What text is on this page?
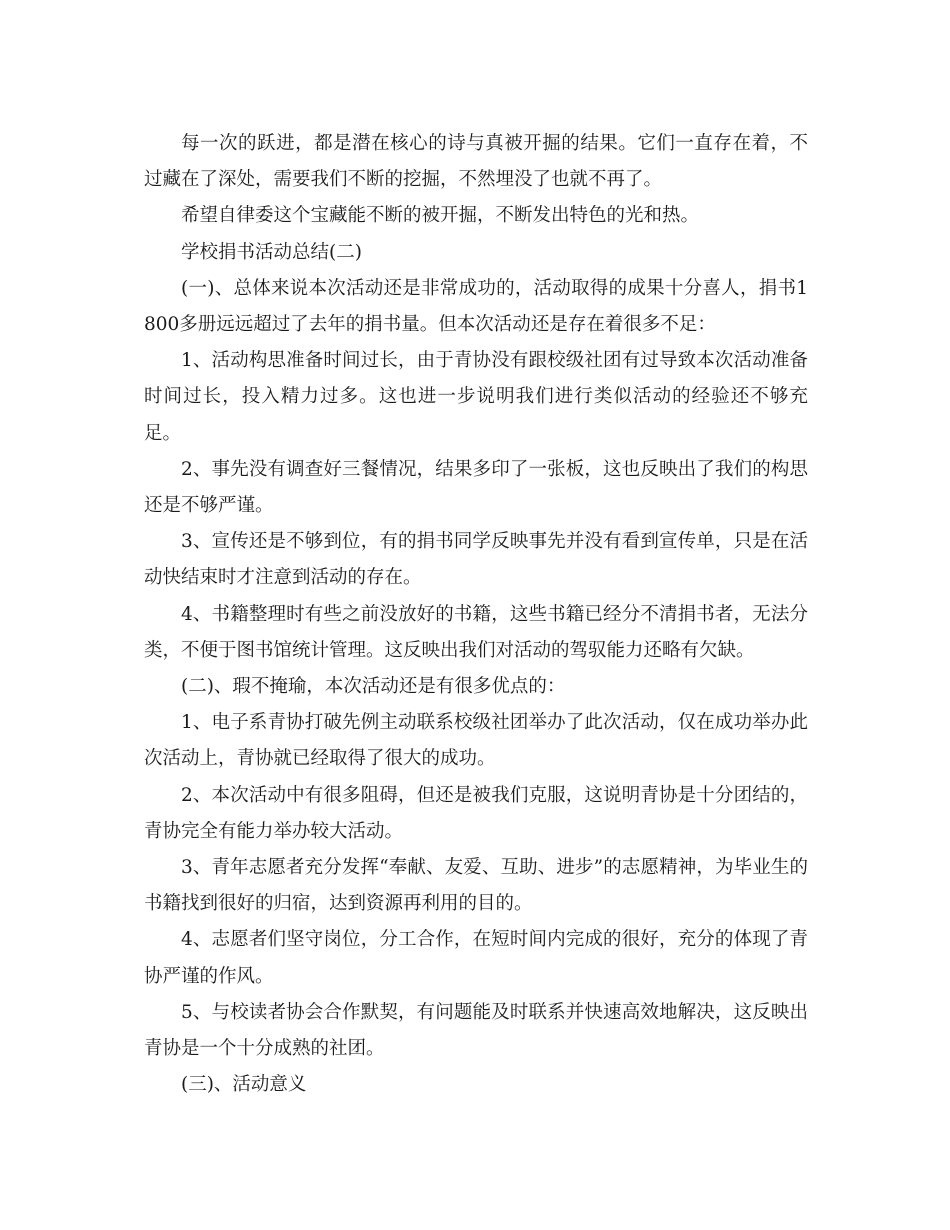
每一次的跃进，都是潜在核心的诗与真被开掘的结果。它们一直存在着，不过藏在了深处，需要我们不断的挖掘，不然埋没了也就不再了。

希望自律委这个宝藏能不断的被开掘，不断发出特色的光和热。

学校捐书活动总结(二)

(一)、总体来说本次活动还是非常成功的，活动取得的成果十分喜人，捐书1800多册远远超过了去年的捐书量。但本次活动还是存在着很多不足：

1、活动构思准备时间过长，由于青协没有跟校级社团有过导致本次活动准备时间过长，投入精力过多。这也进一步说明我们进行类似活动的经验还不够充足。

2、事先没有调查好三餐情况，结果多印了一张板，这也反映出了我们的构思还是不够严谨。

3、宣传还是不够到位，有的捐书同学反映事先并没有看到宣传单，只是在活动快结束时才注意到活动的存在。

4、书籍整理时有些之前没放好的书籍，这些书籍已经分不清捐书者，无法分类，不便于图书馆统计管理。这反映出我们对活动的驾驭能力还略有欠缺。

(二)、瑕不掩瑜，本次活动还是有很多优点的：

1、电子系青协打破先例主动联系校级社团举办了此次活动，仅在成功举办此次活动上，青协就已经取得了很大的成功。

2、本次活动中有很多阻碍，但还是被我们克服，这说明青协是十分团结的，青协完全有能力举办较大活动。

3、青年志愿者充分发挥“奉献、友爱、互助、进步”的志愿精神，为毕业生的书籍找到很好的归宿，达到资源再利用的目的。

4、志愿者们坚守岗位，分工合作，在短时间内完成的很好，充分的体现了青协严谨的作风。

5、与校读者协会合作默契，有问题能及时联系并快速高效地解决，这反映出青协是一个十分成熟的社团。

(三)、活动意义
